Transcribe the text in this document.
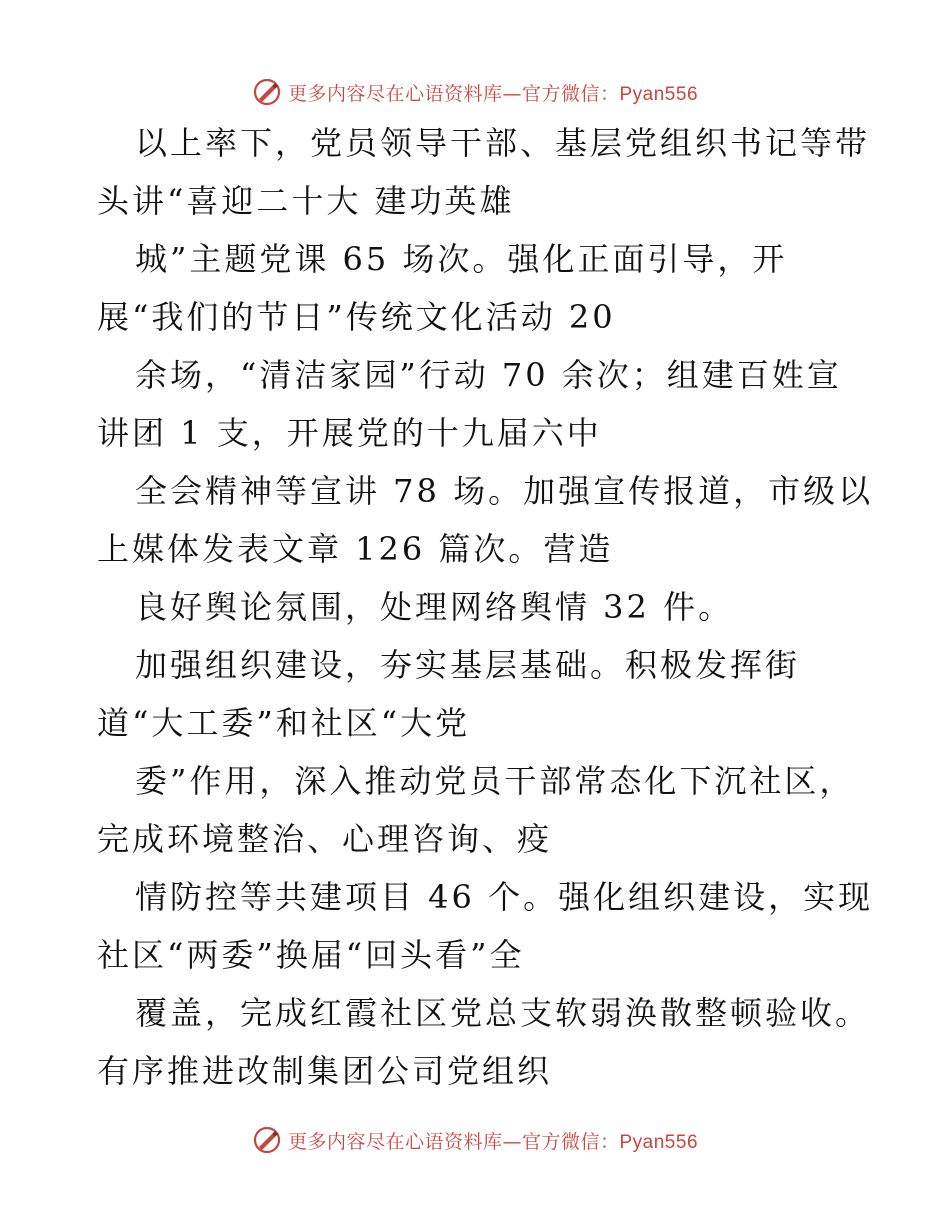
更多内容尽在心语资料库—官方微信：Pyan556
以上率下，党员领导干部、基层党组织书记等带
头讲“喜迎二十大 建功英雄
城”主题党课 65 场次。强化正面引导，开
展“我们的节日”传统文化活动 20
余场，“清洁家园”行动 70 余次；组建百姓宣
讲团 1 支，开展党的十九届六中
全会精神等宣讲 78 场。加强宣传报道，市级以
上媒体发表文章 126 篇次。营造
良好舆论氛围，处理网络舆情 32 件。
加强组织建设，夯实基层基础。积极发挥街
道“大工委”和社区“大党
委”作用，深入推动党员干部常态化下沉社区，
完成环境整治、心理咨询、疫
情防控等共建项目 46 个。强化组织建设，实现
社区“两委”换届“回头看”全
覆盖，完成红霞社区党总支软弱涣散整顿验收。
有序推进改制集团公司党组织
更多内容尽在心语资料库—官方微信：Pyan556
